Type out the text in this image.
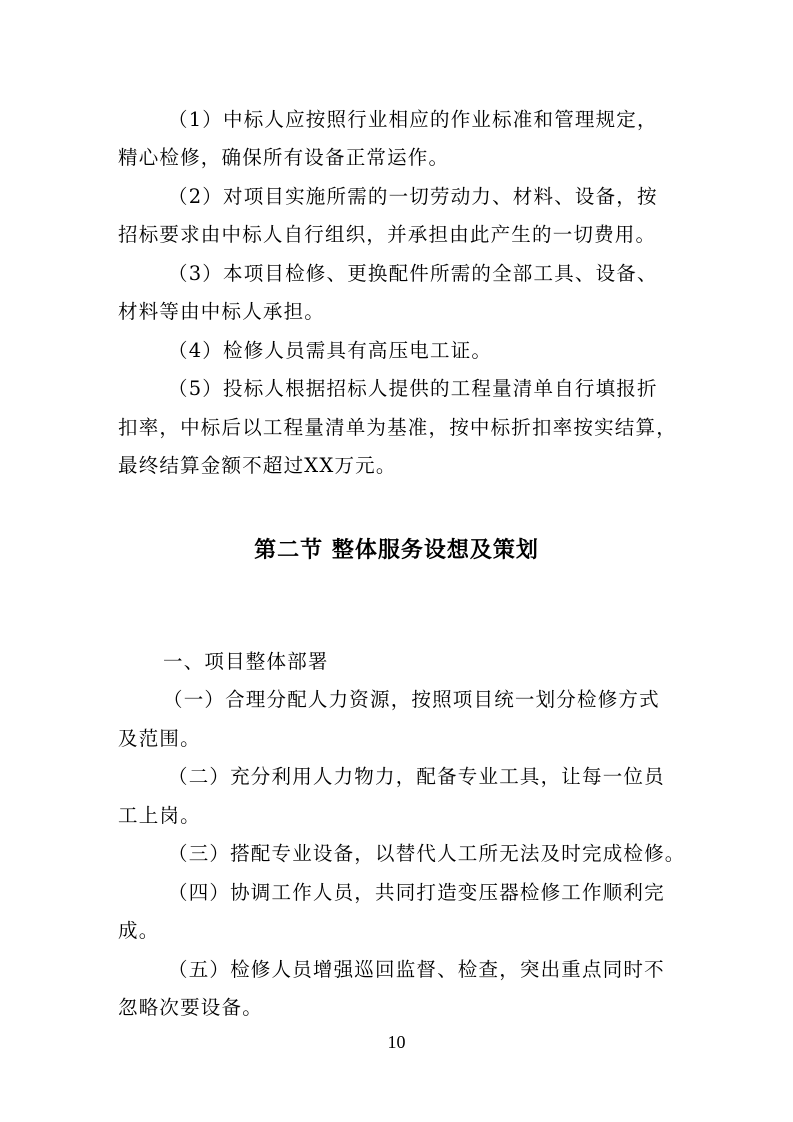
（1）中标人应按照行业相应的作业标准和管理规定，
精心检修，确保所有设备正常运作。
（2）对项目实施所需的一切劳动力、材料、设备，按
招标要求由中标人自行组织，并承担由此产生的一切费用。
（3）本项目检修、更换配件所需的全部工具、设备、
材料等由中标人承担。
（4）检修人员需具有高压电工证。
（5）投标人根据招标人提供的工程量清单自行填报折
扣率，中标后以工程量清单为基准，按中标折扣率按实结算，
最终结算金额不超过XX万元。
第二节 整体服务设想及策划
一、项目整体部署
（一）合理分配人力资源，按照项目统一划分检修方式
及范围。
（二）充分利用人力物力，配备专业工具，让每一位员
工上岗。
（三）搭配专业设备，以替代人工所无法及时完成检修。
（四）协调工作人员，共同打造变压器检修工作顺利完
成。
（五）检修人员增强巡回监督、检查，突出重点同时不
忽略次要设备。
10
